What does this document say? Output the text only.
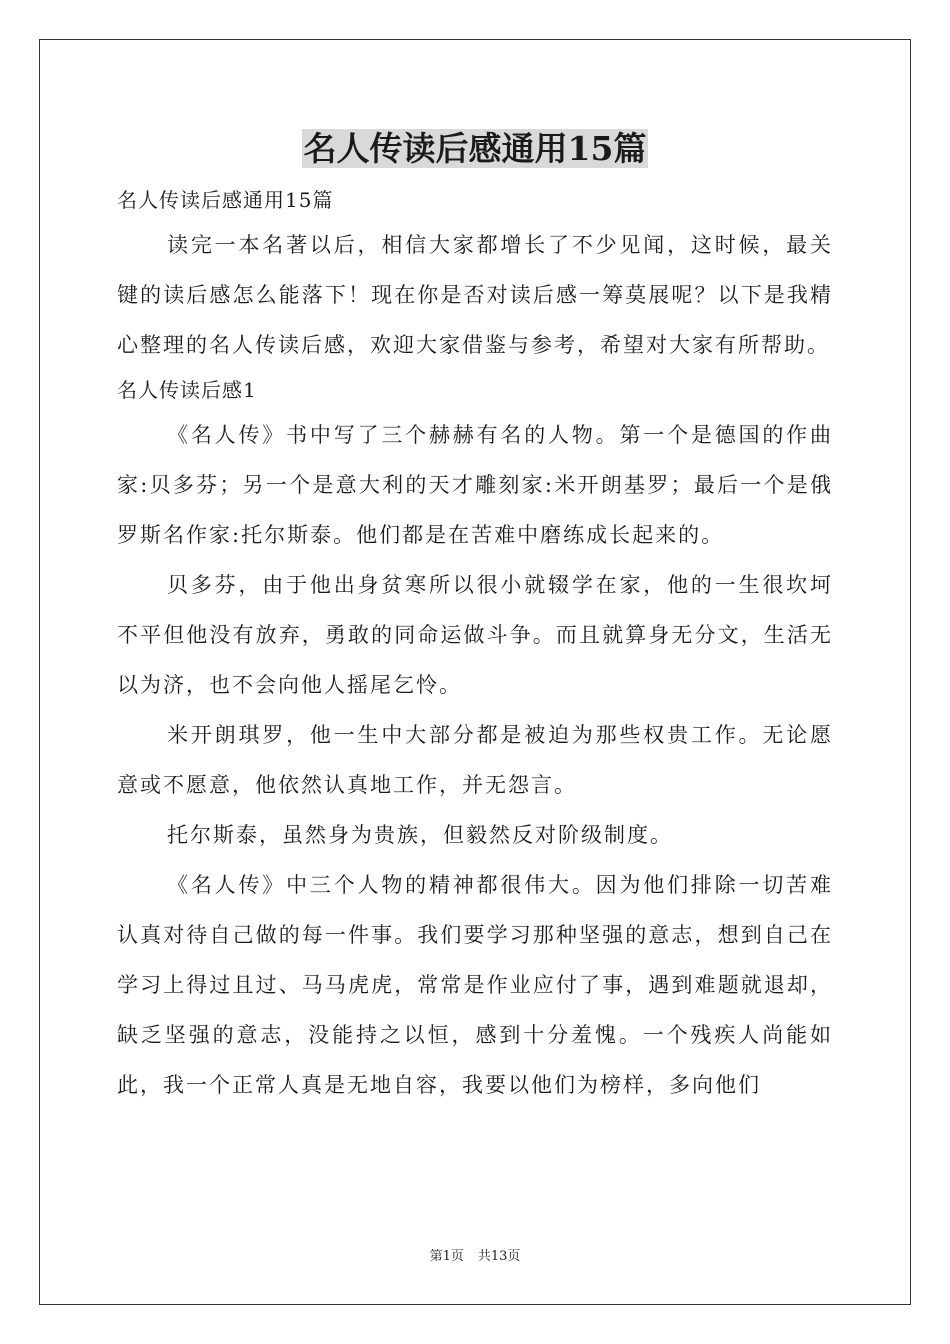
名人传读后感通用15篇

名人传读后感通用15篇

读完一本名著以后，相信大家都增长了不少见闻，这时候，最关键的读后感怎么能落下！现在你是否对读后感一筹莫展呢？以下是我精心整理的名人传读后感，欢迎大家借鉴与参考，希望对大家有所帮助。

名人传读后感1

《名人传》书中写了三个赫赫有名的人物。第一个是德国的作曲家:贝多芬；另一个是意大利的天才雕刻家:米开朗基罗；最后一个是俄罗斯名作家:托尔斯泰。他们都是在苦难中磨练成长起来的。

贝多芬，由于他出身贫寒所以很小就辍学在家，他的一生很坎坷不平但他没有放弃，勇敢的同命运做斗争。而且就算身无分文，生活无以为济，也不会向他人摇尾乞怜。

米开朗琪罗，他一生中大部分都是被迫为那些权贵工作。无论愿意或不愿意，他依然认真地工作，并无怨言。

托尔斯泰，虽然身为贵族，但毅然反对阶级制度。

《名人传》中三个人物的精神都很伟大。因为他们排除一切苦难认真对待自己做的每一件事。我们要学习那种坚强的意志，想到自己在学习上得过且过、马马虎虎，常常是作业应付了事，遇到难题就退却，缺乏坚强的意志，没能持之以恒，感到十分羞愧。一个残疾人尚能如此，我一个正常人真是无地自容，我要以他们为榜样，多向他们

第1页 共13页
